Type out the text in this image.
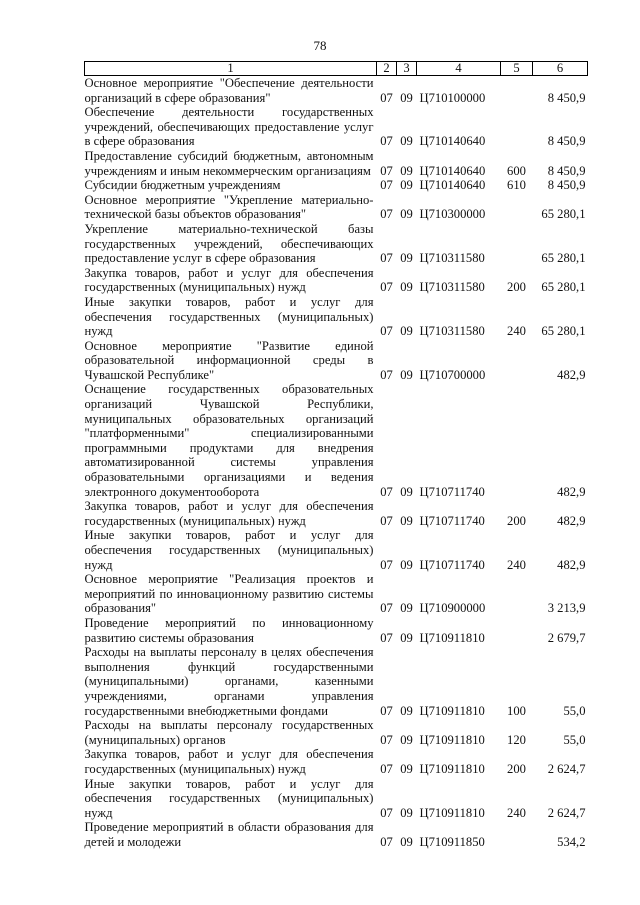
78
1	2	3	4	5	6
Основное мероприятие "Обеспечение деятельности организаций в сфере образования"	07	09	Ц710100000		8 450,9
Обеспечение деятельности государственных учреждений, обеспечивающих предоставление услуг в сфере образования	07	09	Ц710140640		8 450,9
Предоставление субсидий бюджетным, автономным учреждениям и иным некоммерческим организациям	07	09	Ц710140640	600	8 450,9
Субсидии бюджетным учреждениям	07	09	Ц710140640	610	8 450,9
Основное мероприятие "Укрепление материально-технической базы объектов образования"	07	09	Ц710300000		65 280,1
Укрепление материально-технической базы государственных учреждений, обеспечивающих предоставление услуг в сфере образования	07	09	Ц710311580		65 280,1
Закупка товаров, работ и услуг для обеспечения государственных (муниципальных) нужд	07	09	Ц710311580	200	65 280,1
Иные закупки товаров, работ и услуг для обеспечения государственных (муниципальных) нужд	07	09	Ц710311580	240	65 280,1
Основное мероприятие "Развитие единой образовательной информационной среды в Чувашской Республике"	07	09	Ц710700000		482,9
Оснащение государственных образовательных организаций Чувашской Республики, муниципальных образовательных организаций "платформенными" специализированными программными продуктами для внедрения автоматизированной системы управления образовательными организациями и ведения электронного документооборота	07	09	Ц710711740		482,9
Закупка товаров, работ и услуг для обеспечения государственных (муниципальных) нужд	07	09	Ц710711740	200	482,9
Иные закупки товаров, работ и услуг для обеспечения государственных (муниципальных) нужд	07	09	Ц710711740	240	482,9
Основное мероприятие "Реализация проектов и мероприятий по инновационному развитию системы образования"	07	09	Ц710900000		3 213,9
Проведение мероприятий по инновационному развитию системы образования	07	09	Ц710911810		2 679,7
Расходы на выплаты персоналу в целях обеспечения выполнения функций государственными (муниципальными) органами, казенными учреждениями, органами управления государственными внебюджетными фондами	07	09	Ц710911810	100	55,0
Расходы на выплаты персоналу государственных (муниципальных) органов	07	09	Ц710911810	120	55,0
Закупка товаров, работ и услуг для обеспечения государственных (муниципальных) нужд	07	09	Ц710911810	200	2 624,7
Иные закупки товаров, работ и услуг для обеспечения государственных (муниципальных) нужд	07	09	Ц710911810	240	2 624,7
Проведение мероприятий в области образования для детей и молодежи	07	09	Ц710911850		534,2
